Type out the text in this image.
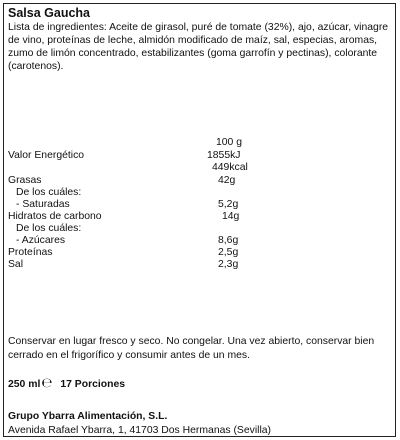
Salsa Gaucha
Lista de ingredientes: Aceite de girasol, puré de tomate (32%), ajo, azúcar, vinagre de vino, proteínas de leche, almidón modificado de maíz, sal, especias, aromas, zumo de limón concentrado, estabilizantes (goma garrofín y pectinas), colorante (carotenos).
100 g
Valor Energético	1855kJ
449kcal
Grasas	42g
De los cuáles:
- Saturadas	5,2g
Hidratos de carbono	14g
De los cuáles:
- Azúcares	8,6g
Proteínas	2,5g
Sal	2,3g
Conservar en lugar fresco y seco. No congelar. Una vez abierto, conservar bien cerrado en el frigorífico y consumir antes de un mes.
250 ml℮ 17 Porciones
Grupo Ybarra Alimentación, S.L.
Avenida Rafael Ybarra, 1, 41703 Dos Hermanas (Sevilla)
